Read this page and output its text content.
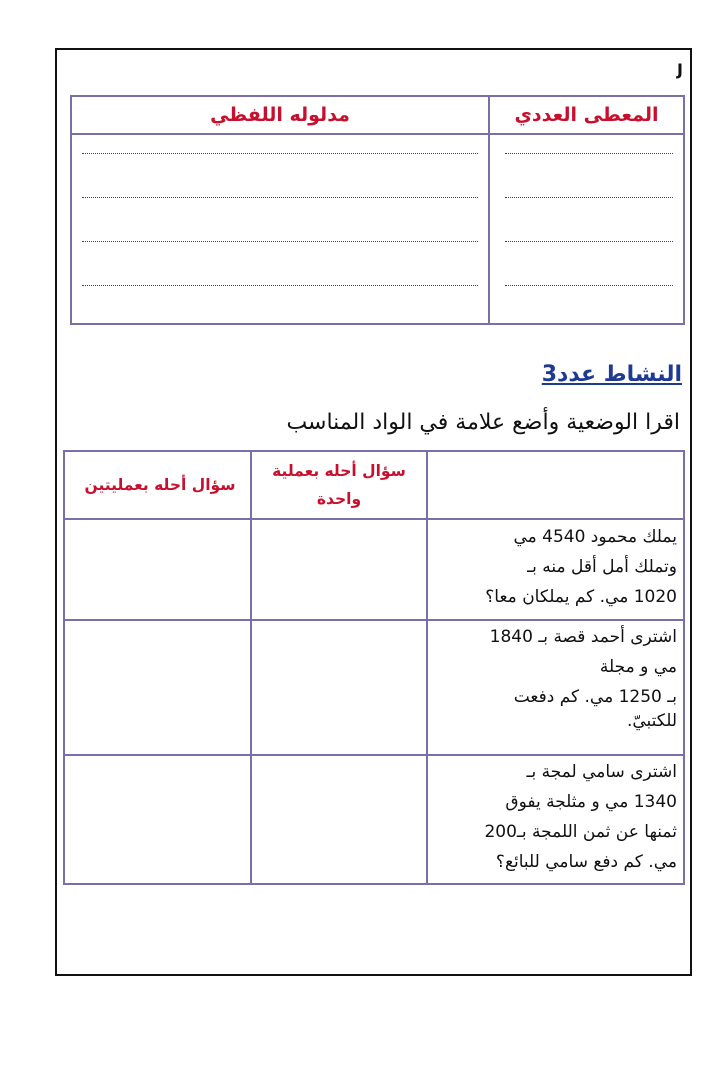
J
المعطى العددي
مدلوله اللفظي
النشاط عدد3
اقرا الوضعية وأضع علامة في الواد المناسب
سؤال أحله بعملية واحدة
سؤال أحله بعمليتين
يملك محمود 4540 مي
وتملك أمل أقل منه بـ
1020 مي. كم يملكان معا؟
اشترى أحمد قصة بـ 1840
مي و مجلة
بـ 1250 مي. كم دفعت
للكتبيّ.
اشترى سامي لمجة بـ
1340 مي و مثلجة يفوق
ثمنها عن ثمن اللمجة بـ200
مي. كم دفع سامي للبائع؟
